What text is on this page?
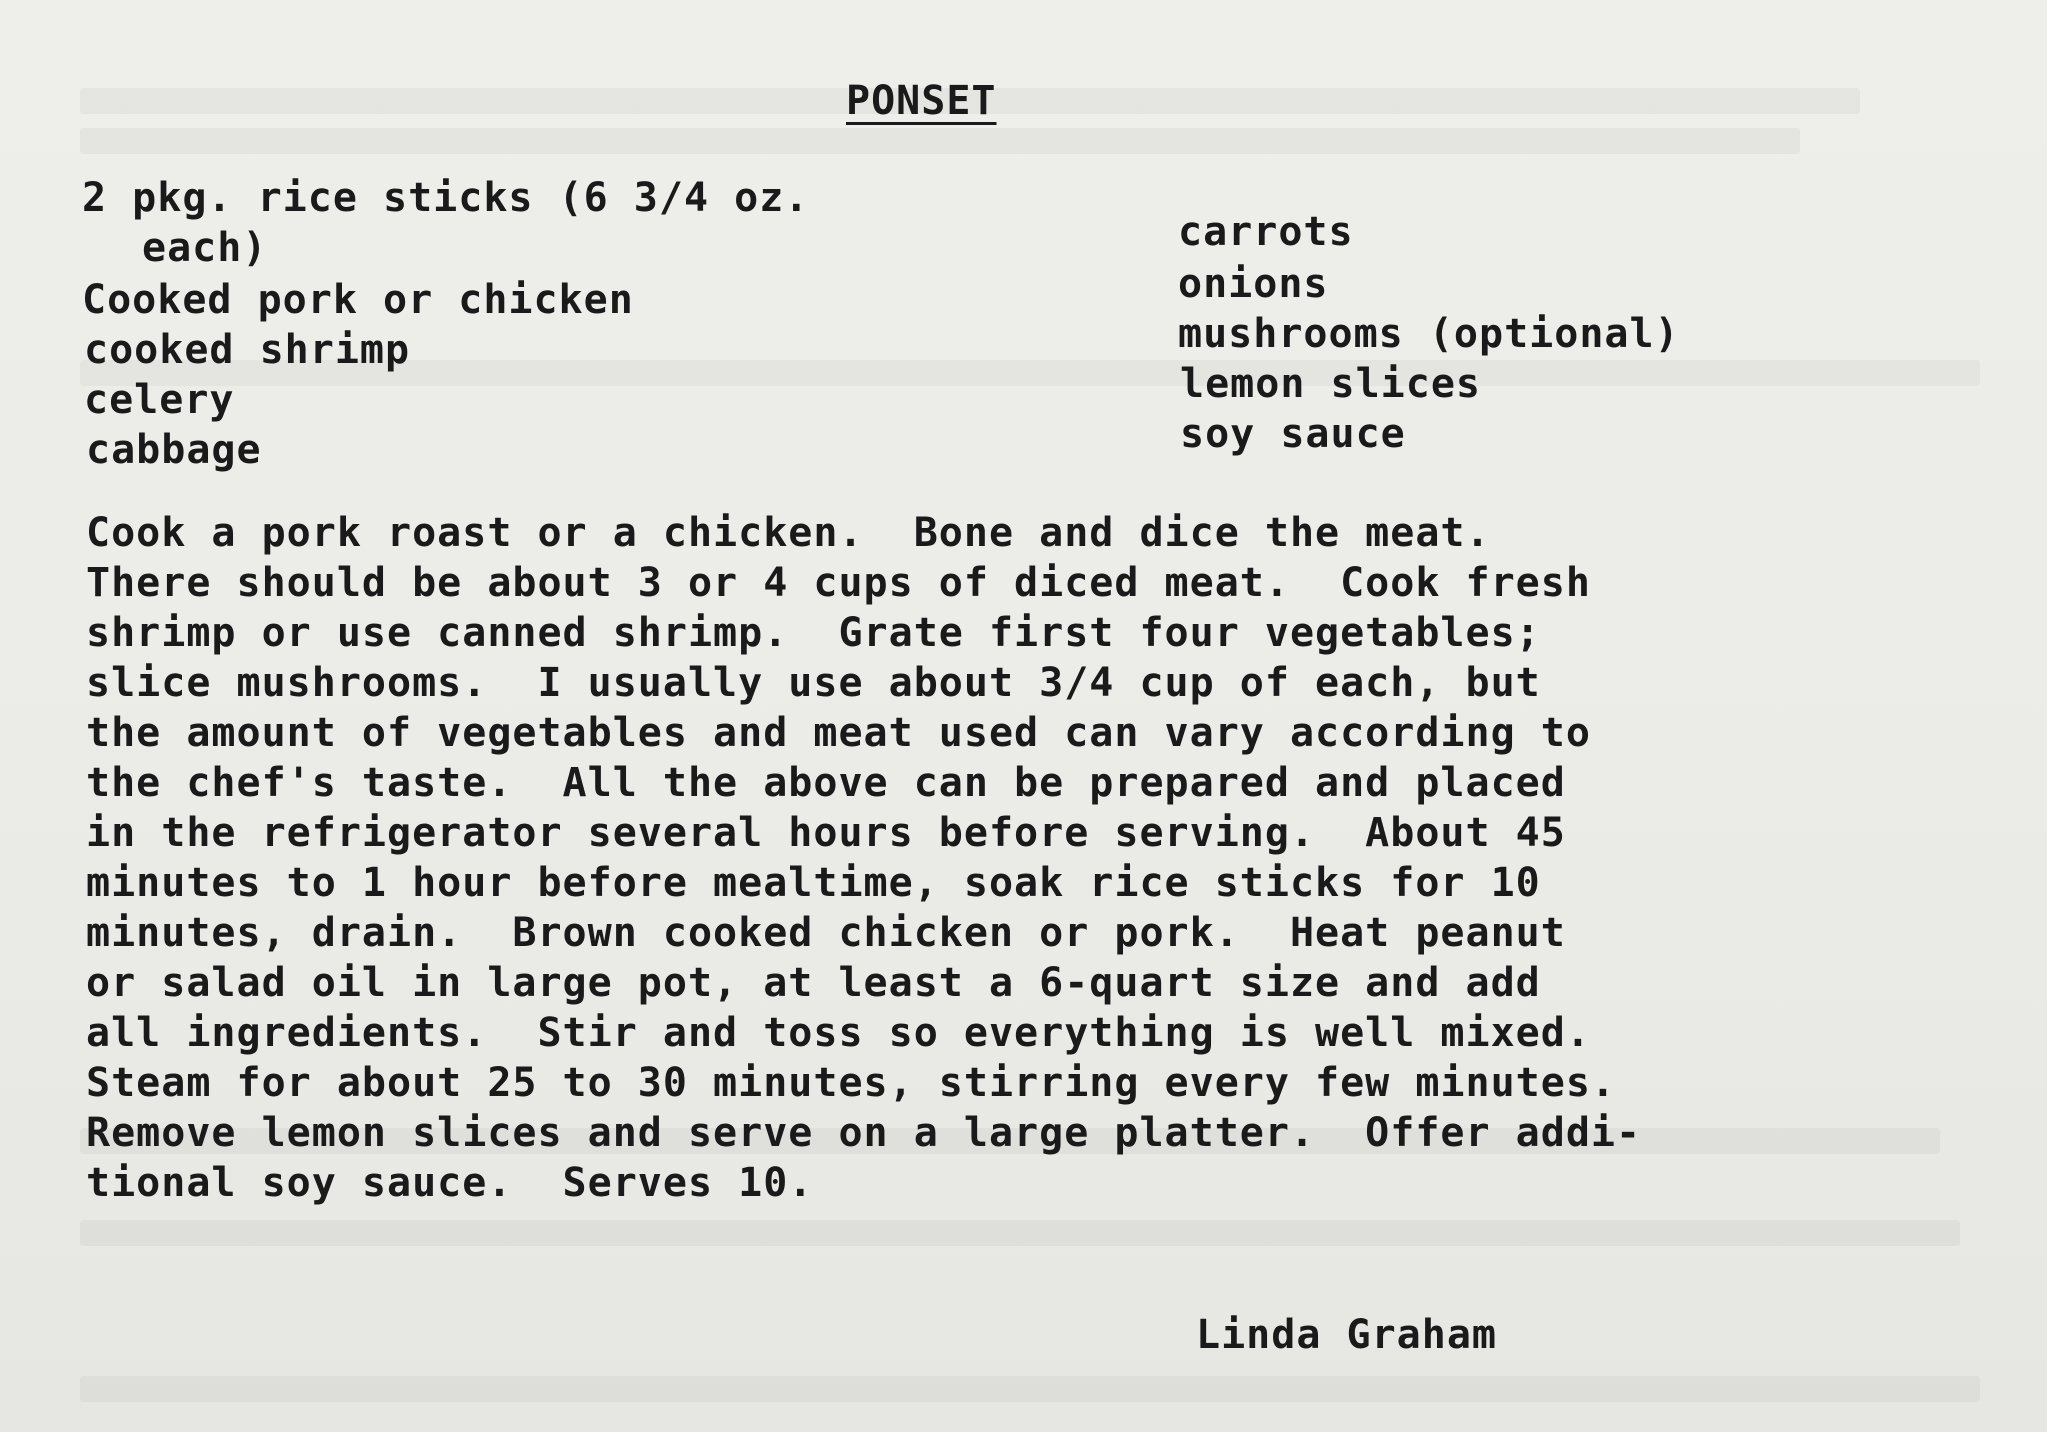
PONSET
2 pkg. rice sticks (6 3/4 oz.
each)
Cooked pork or chicken
cooked shrimp
celery
cabbage
carrots
onions
mushrooms (optional)
lemon slices
soy sauce
Cook a pork roast or a chicken.  Bone and dice the meat.
There should be about 3 or 4 cups of diced meat.  Cook fresh
shrimp or use canned shrimp.  Grate first four vegetables;
slice mushrooms.  I usually use about 3/4 cup of each, but
the amount of vegetables and meat used can vary according to
the chef's taste.  All the above can be prepared and placed
in the refrigerator several hours before serving.  About 45
minutes to 1 hour before mealtime, soak rice sticks for 10
minutes, drain.  Brown cooked chicken or pork.  Heat peanut
or salad oil in large pot, at least a 6-quart size and add
all ingredients.  Stir and toss so everything is well mixed.
Steam for about 25 to 30 minutes, stirring every few minutes.
Remove lemon slices and serve on a large platter.  Offer addi-
tional soy sauce.  Serves 10.
Linda Graham
